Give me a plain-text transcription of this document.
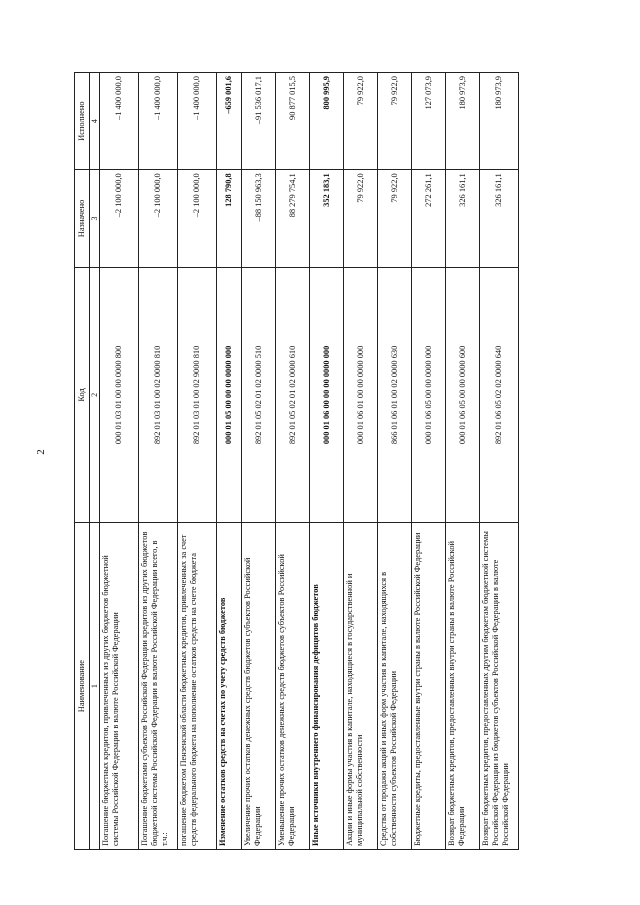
2
Наименование	Код	Назначено	Исполнено
1	2	3	4
Погашение бюджетных кредитов, привлеченных из других бюджетов бюджетной системы Российской Федерации в валюте Российской Федерации	000 01 03 01 00 00 0000 800	–2 100 000,0	–1 400 000,0
Погашение бюджетами субъектов Российской Федерации кредитов из других бюджетов бюджетной системы Российской Федерации в валюте Российской Федерации всего, в т.ч.:	892 01 03 01 00 02 0000 810	–2 100 000,0	–1 400 000,0
погашение бюджетом Пензенской области бюджетных кредитов, привлеченных за счет средств федерального бюджета на пополнение остатков средств на счете бюджета	892 01 03 01 00 02 9000 810	–2 100 000,0	–1 400 000,0
Изменение остатков средств на счетах по учету средств бюджетов	000 01 05 00 00 00 0000 000	128 790,8	–659 001,6
Увеличение прочих остатков денежных средств бюджетов субъектов Российской Федерации	892 01 05 02 01 02 0000 510	–88 150 963,3	–91 536 017,1
Уменьшение прочих остатков денежных средств бюджетов субъектов Российской Федерации	892 01 05 02 01 02 0000 610	88 279 754,1	90 877 015,5
Иные источники внутреннего финансирования дефицитов бюджетов	000 01 06 00 00 00 0000 000	352 183,1	800 995,9
Акции и иные формы участия в капитале, находящиеся в государственной и муниципальной собственности	000 01 06 01 00 00 0000 000	79 922,0	79 922,0
Средства от продажи акций и иных форм участия в капитале, находящихся в собственности субъектов Российской Федерации	866 01 06 01 00 02 0000 630	79 922,0	79 922,0
Бюджетные кредиты, предоставленные внутри страны в валюте Российской Федерации	000 01 06 05 00 00 0000 000	272 261,1	127 073,9
Возврат бюджетных кредитов, предоставленных внутри страны в валюте Российской Федерации	000 01 06 05 00 00 0000 600	326 161,1	180 973,9
Возврат бюджетных кредитов, предоставленных другим бюджетам бюджетной системы Российской Федерации из бюджетов субъектов Российской Федерации в валюте Российской Федерации	892 01 06 05 02 02 0000 640	326 161,1	180 973,9
